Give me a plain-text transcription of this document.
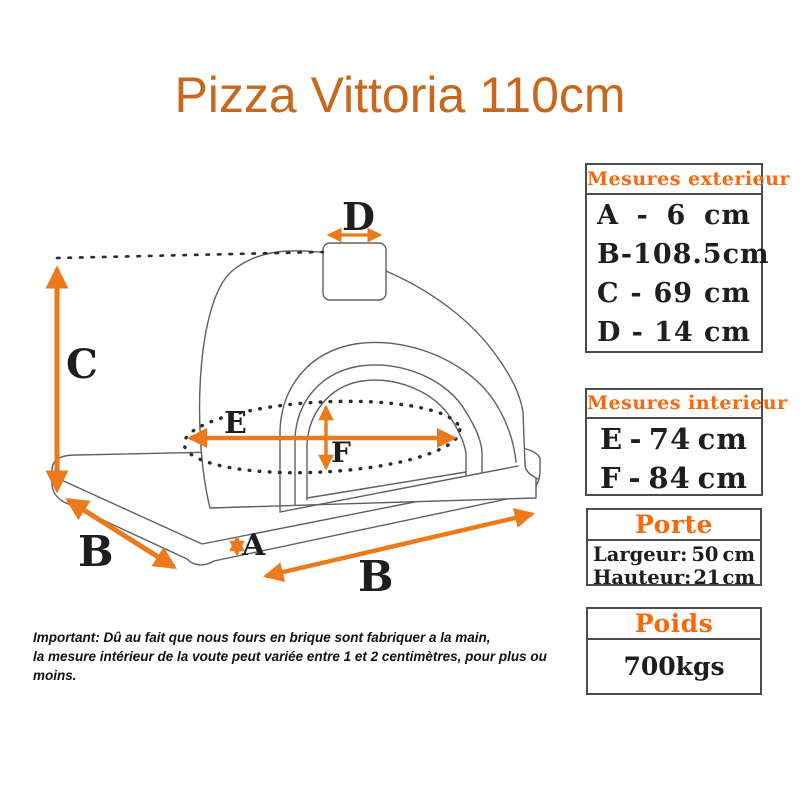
Pizza Vittoria 110cm
C
D
E
F
A
B
B
Mesures exterieur
A - 6 cm
B - 108.5 cm
C - 69 cm
D - 14 cm
Mesures interieur
E - 74 cm
F - 84 cm
Porte
Largeur: 50 cm
Hauteur: 21 cm
Poids
700kgs
Important: Dû au fait que nous fours en brique sont fabriquer a la main,
la mesure intérieur de la voute peut variée entre 1 et 2 centimètres, pour plus ou moins.
